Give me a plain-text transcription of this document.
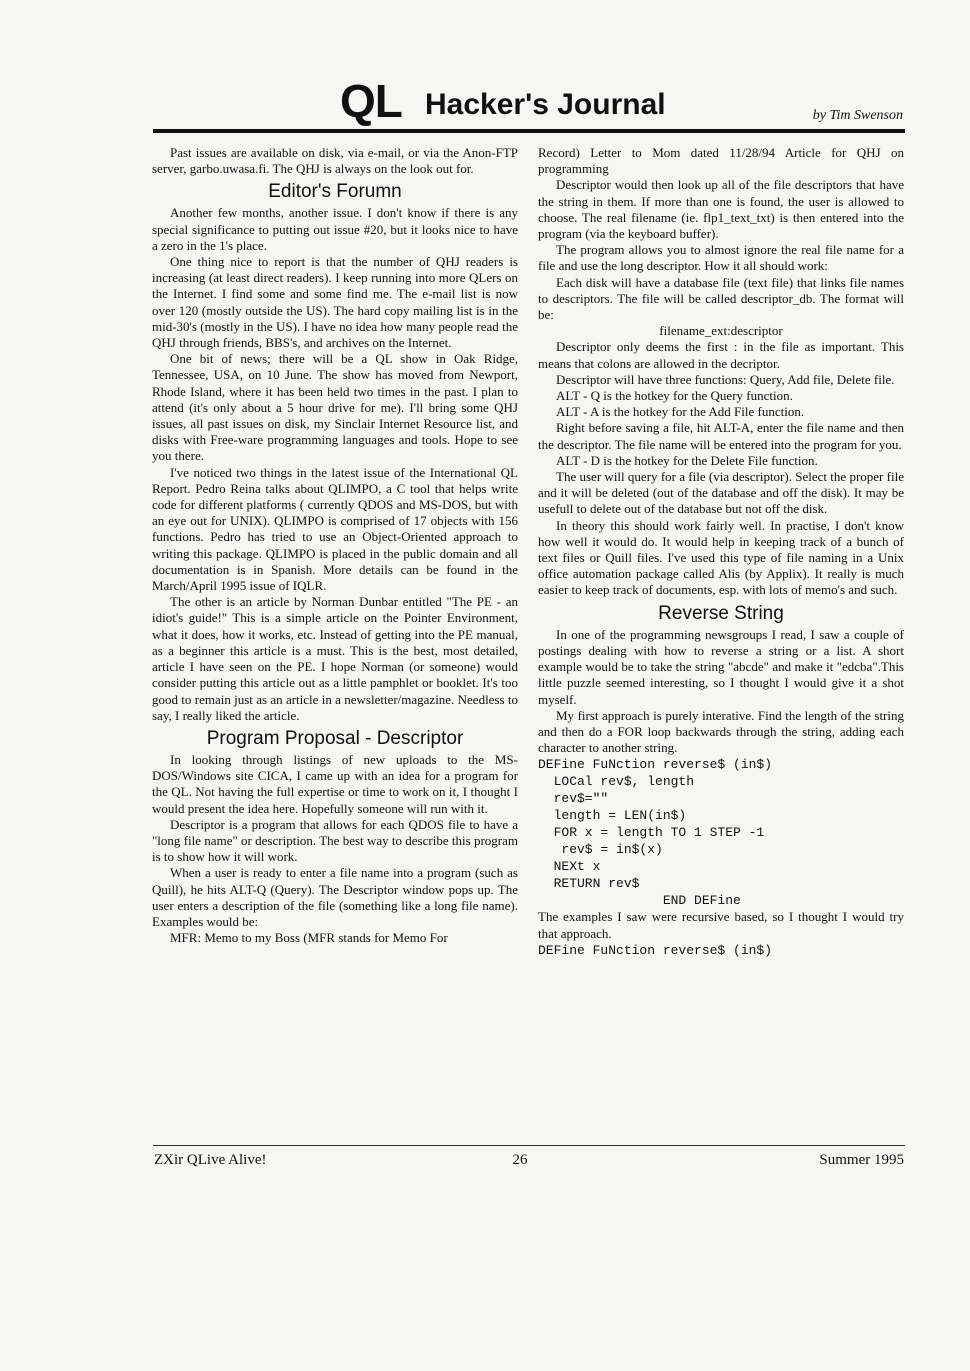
QL Hacker's Journal	by Tim Swenson

Past issues are available on disk, via e-mail, or via the Anon-FTP server, garbo.uwasa.fi. The QHJ is always on the look out for.

Editor's Forumn

Another few months, another issue. I don't know if there is any special significance to putting out issue #20, but it looks nice to have a zero in the 1's place.

One thing nice to report is that the number of QHJ readers is increasing (at least direct readers). I keep running into more QLers on the Internet. I find some and some find me. The e-mail list is now over 120 (mostly outside the US). The hard copy mailing list is in the mid-30's (mostly in the US). I have no idea how many people read the QHJ through friends, BBS's, and archives on the Internet.

One bit of news; there will be a QL show in Oak Ridge, Tennessee, USA, on 10 June. The show has moved from Newport, Rhode Island, where it has been held two times in the past. I plan to attend (it's only about a 5 hour drive for me). I'll bring some QHJ issues, all past issues on disk, my Sinclair Internet Resource list, and disks with Free-ware programming languages and tools. Hope to see you there.

I've noticed two things in the latest issue of the International QL Report. Pedro Reina talks about QLIMPO, a C tool that helps write code for different platforms ( currently QDOS and MS-DOS, but with an eye out for UNIX). QLIMPO is comprised of 17 objects with 156 functions. Pedro has tried to use an Object-Oriented approach to writing this package. QLIMPO is placed in the public domain and all documentation is in Spanish. More details can be found in the March/April 1995 issue of IQLR.

The other is an article by Norman Dunbar entitled "The PE - an idiot's guide!" This is a simple article on the Pointer Environment, what it does, how it works, etc. Instead of getting into the PE manual, as a beginner this article is a must. This is the best, most detailed, article I have seen on the PE. I hope Norman (or someone) would consider putting this article out as a little pamphlet or booklet. It's too good to remain just as an article in a newsletter/magazine. Needless to say, I really liked the article.

Program Proposal - Descriptor

In looking through listings of new uploads to the MS-DOS/Windows site CICA, I came up with an idea for a program for the QL. Not having the full expertise or time to work on it, I thought I would present the idea here. Hopefully someone will run with it.

Descriptor is a program that allows for each QDOS file to have a "long file name" or description. The best way to describe this program is to show how it will work.

When a user is ready to enter a file name into a program (such as Quill), he hits ALT-Q (Query). The Descriptor window pops up. The user enters a description of the file (something like a long file name). Examples would be:

MFR: Memo to my Boss (MFR stands for Memo For

Record) Letter to Mom dated 11/28/94 Article for QHJ on programming

Descriptor would then look up all of the file descriptors that have the string in them. If more than one is found, the user is allowed to choose. The real filename (ie. flp1_text_txt) is then entered into the program (via the keyboard buffer).

The program allows you to almost ignore the real file name for a file and use the long descriptor. How it all should work:

Each disk will have a database file (text file) that links file names to descriptors. The file will be called descriptor_db. The format will be:

filename_ext:descriptor

Descriptor only deems the first : in the file as important. This means that colons are allowed in the decriptor.

Descriptor will have three functions: Query, Add file, Delete file.

ALT - Q is the hotkey for the Query function.

ALT - A is the hotkey for the Add File function.

Right before saving a file, hit ALT-A, enter the file name and then the descriptor. The file name will be entered into the program for you.

ALT - D is the hotkey for the Delete File function.

The user will query for a file (via descriptor). Select the proper file and it will be deleted (out of the database and off the disk). It may be usefull to delete out of the database but not off the disk.

In theory this should work fairly well. In practise, I don't know how well it would do. It would help in keeping track of a bunch of text files or Quill files. I've used this type of file naming in a Unix office automation package called Alis (by Applix). It really is much easier to keep track of documents, esp. with lots of memo's and such.

Reverse String

In one of the programming newsgroups I read, I saw a couple of postings dealing with how to reverse a string or a list. A short example would be to take the string "abcde" and make it "edcba".This little puzzle seemed interesting, so I thought I would give it a shot myself.

My first approach is purely interative. Find the length of the string and then do a FOR loop backwards through the string, adding each character to another string.

DEFine FuNction reverse$ (in$)
LOCal rev$, length
rev$=""
length = LEN(in$)
FOR x = length TO 1 STEP -1
rev$ = in$(x)
NEXt x
RETURN rev$
END DEFine

The examples I saw were recursive based, so I thought I would try that approach.

DEFine FuNction reverse$ (in$)
ZXir QLive Alive!	26	Summer 1995
